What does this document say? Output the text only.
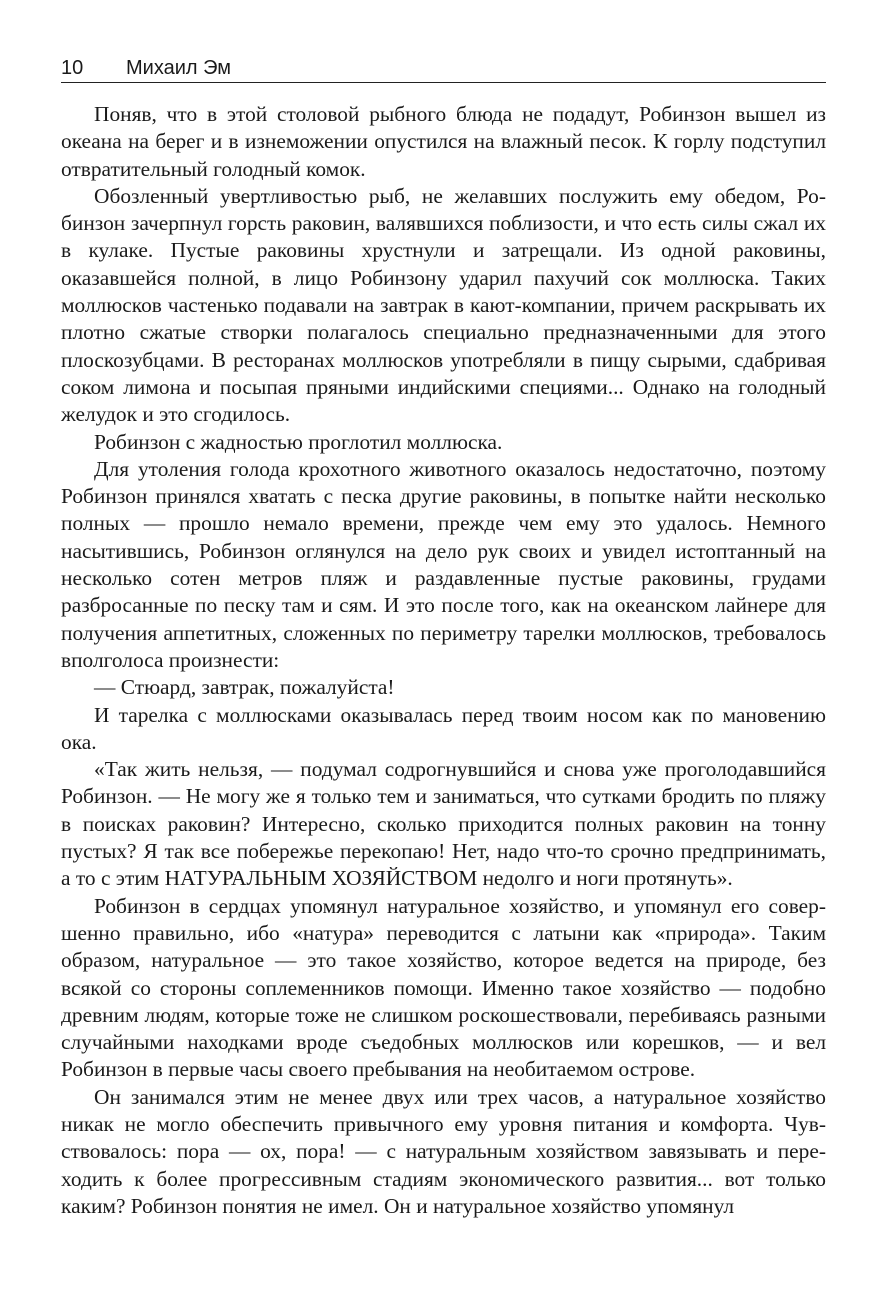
10 Михаил Эм

Поняв, что в этой столовой рыбного блюда не подадут, Робинзон вышел из океана на берег и в изнеможении опустился на влажный песок. К горлу подступил отвратительный голодный комок.

Обозленный увертливостью рыб, не желавших послужить ему обедом, Робинзон зачерпнул горсть раковин, валявшихся поблизости, и что есть силы сжал их в кулаке. Пустые раковины хрустнули и затрещали. Из одной раковины, оказавшейся полной, в лицо Робинзону ударил пахучий сок моллюска. Таких моллюсков частенько подавали на завтрак в кают-компании, причем раскрывать их плотно сжатые створки полагалось специально предназначенными для этого плоскозубцами. В ресторанах моллюсков употребляли в пищу сырыми, сдабривая соком лимона и посыпая пряными индийскими специями... Однако на голодный желудок и это сгодилось.

Робинзон с жадностью проглотил моллюска.

Для утоления голода крохотного животного оказалось недостаточно, поэтому Робинзон принялся хватать с песка другие раковины, в попытке найти несколько полных — прошло немало времени, прежде чем ему это удалось. Немного насытившись, Робинзон оглянулся на дело рук своих и увидел истоптанный на несколько сотен метров пляж и раздавленные пустые раковины, грудами разбросанные по песку там и сям. И это после того, как на океанском лайнере для получения аппетитных, сложенных по периметру тарелки моллюсков, требовалось вполголоса произнести:

— Стюард, завтрак, пожалуйста!

И тарелка с моллюсками оказывалась перед твоим носом как по мановeнию ока.

«Так жить нельзя, — подумал содрогнувшийся и снова уже проголодавшийся Робинзон. — Не могу же я только тем и заниматься, что сутками бродить по пляжу в поисках раковин? Интересно, сколько приходится полных раковин на тонну пустых? Я так все побережье перекопаю! Нет, надо что-то срочно предпринимать, а то с этим НАТУРАЛЬНЫМ ХОЗЯЙСТВОМ недолго и ноги протянуть».

Робинзон в сердцах упомянул натуральное хозяйство, и упомянул его совершенно правильно, ибо «натура» переводится с латыни как «природа». Таким образом, натуральное — это такое хозяйство, которое ведется на природе, без всякой со стороны соплеменников помощи. Именно такое хозяйство — подобно древним людям, которые тоже не слишком роскошествовали, перебиваясь разными случайными находками вроде съедобных моллюсков или корешков, — и вел Робинзон в первые часы своего пребывания на необитаемом острове.

Он занимался этим не менее двух или трех часов, а натуральное хозяйство никак не могло обеспечить привычного ему уровня питания и комфорта. Чувствовалось: пора — ох, пора! — с натуральным хозяйством завязывать и переходить к более прогрессивным стадиям экономического развития... вот только каким? Робинзон понятия не имел. Он и натуральное хозяйство упомянул
